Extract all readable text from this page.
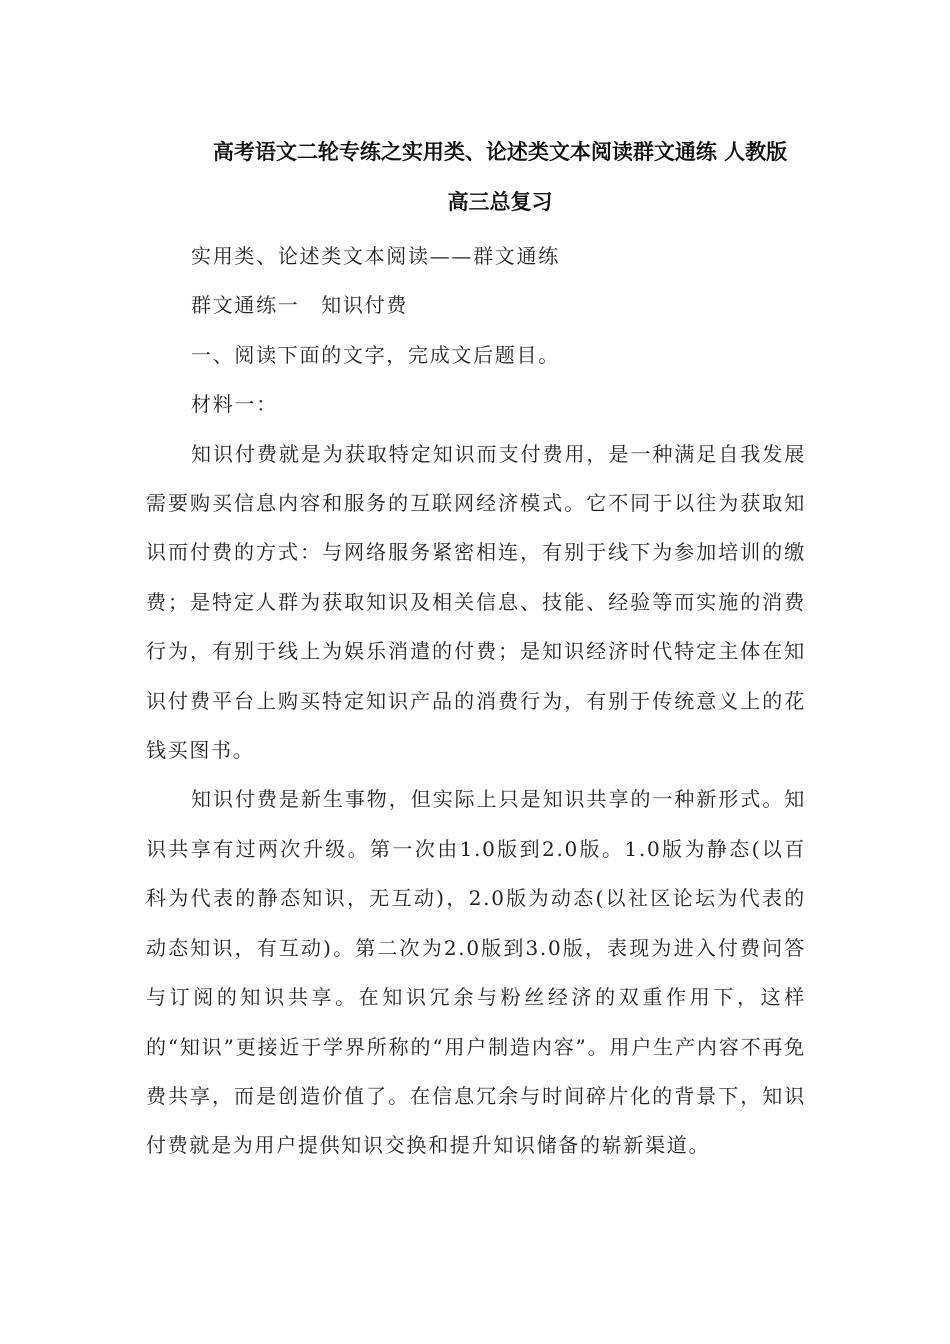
高考语文二轮专练之实用类、论述类文本阅读群文通练 人教版
高三总复习

实用类、论述类文本阅读——群文通练

群文通练一　知识付费

一、阅读下面的文字，完成文后题目。

材料一：

知识付费就是为获取特定知识而支付费用，是一种满足自我发展需要购买信息内容和服务的互联网经济模式。它不同于以往为获取知识而付费的方式：与网络服务紧密相连，有别于线下为参加培训的缴费；是特定人群为获取知识及相关信息、技能、经验等而实施的消费行为，有别于线上为娱乐消遣的付费；是知识经济时代特定主体在知识付费平台上购买特定知识产品的消费行为，有别于传统意义上的花钱买图书。

知识付费是新生事物，但实际上只是知识共享的一种新形式。知识共享有过两次升级。第一次由1.0版到2.0版。1.0版为静态(以百科为代表的静态知识，无互动)，2.0版为动态(以社区论坛为代表的动态知识，有互动)。第二次为2.0版到3.0版，表现为进入付费问答与订阅的知识共享。在知识冗余与粉丝经济的双重作用下，这样的“知识”更接近于学界所称的“用户制造内容”。用户生产内容不再免费共享，而是创造价值了。在信息冗余与时间碎片化的背景下，知识付费就是为用户提供知识交换和提升知识储备的崭新渠道。
